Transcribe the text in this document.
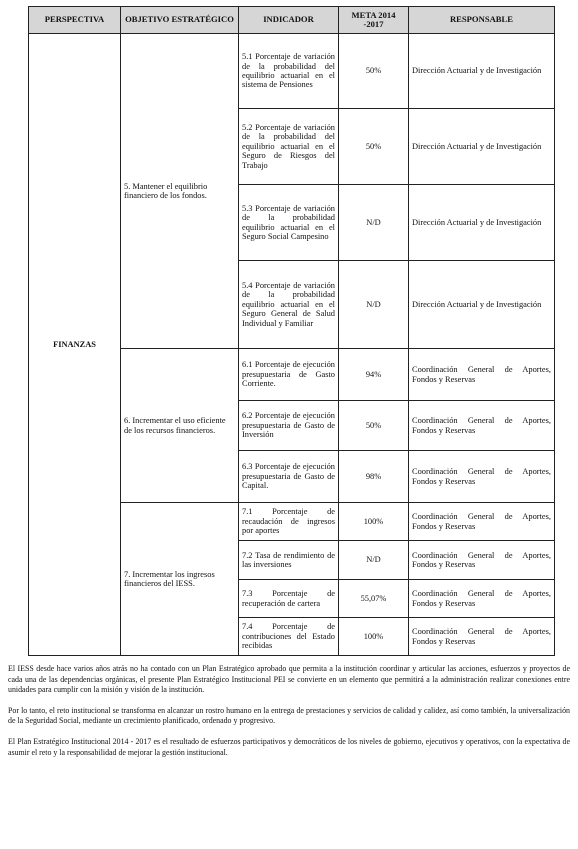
PERSPECTIVA	OBJETIVO ESTRATÉGICO	INDICADOR	META 2014 -2017	RESPONSABLE
FINANZAS	5. Mantener el equilibrio financiero de los fondos.	5.1 Porcentaje de variación de la probabilidad del equilibrio actuarial en el sistema de Pensiones	50%	Dirección Actuarial y de Investigación
		5.2 Porcentaje de variación de la probabilidad del equilibrio actuarial en el Seguro de Riesgos del Trabajo	50%	Dirección Actuarial y de Investigación
		5.3 Porcentaje de variación de la probabilidad equilibrio actuarial en el Seguro Social Campesino	N/D	Dirección Actuarial y de Investigación
		5.4 Porcentaje de variación de la probabilidad equilibrio actuarial en el Seguro General de Salud Individual y Familiar	N/D	Dirección Actuarial y de Investigación
	6. Incrementar el uso eficiente de los recursos financieros.	6.1 Porcentaje de ejecución presupuestaria de Gasto Corriente.	94%	Coordinación General de Aportes, Fondos y Reservas
		6.2 Porcentaje de ejecución presupuestaria de Gasto de Inversión	50%	Coordinación General de Aportes, Fondos y Reservas
		6.3 Porcentaje de ejecución presupuestaria de Gasto de Capital.	98%	Coordinación General de Aportes, Fondos y Reservas
	7. Incrementar los ingresos financieros del IESS.	7.1 Porcentaje de recaudación de ingresos por aportes	100%	Coordinación General de Aportes, Fondos y Reservas
		7.2 Tasa de rendimiento de las inversiones	N/D	Coordinación General de Aportes, Fondos y Reservas
		7.3 Porcentaje de recuperación de cartera	55,07%	Coordinación General de Aportes, Fondos y Reservas
		7.4 Porcentaje de contribuciones del Estado recibidas	100%	Coordinación General de Aportes, Fondos y Reservas

El IESS desde hace varios años atrás no ha contado con un Plan Estratégico aprobado que permita a la institución coordinar y articular las acciones, esfuerzos y proyectos de cada una de las dependencias orgánicas, el presente Plan Estratégico Institucional PEI se convierte en un elemento que permitirá a la administración realizar conexiones entre unidades para cumplir con la misión y visión de la institución.

Por lo tanto, el reto institucional se transforma en alcanzar un rostro humano en la entrega de prestaciones y servicios de calidad y calidez, así como también, la universalización de la Seguridad Social, mediante un crecimiento planificado, ordenado y progresivo.

El Plan Estratégico Institucional 2014 - 2017 es el resultado de esfuerzos participativos y democráticos de los niveles de gobierno, ejecutivos y operativos, con la expectativa de asumir el reto y la responsabilidad de mejorar la gestión institucional.
